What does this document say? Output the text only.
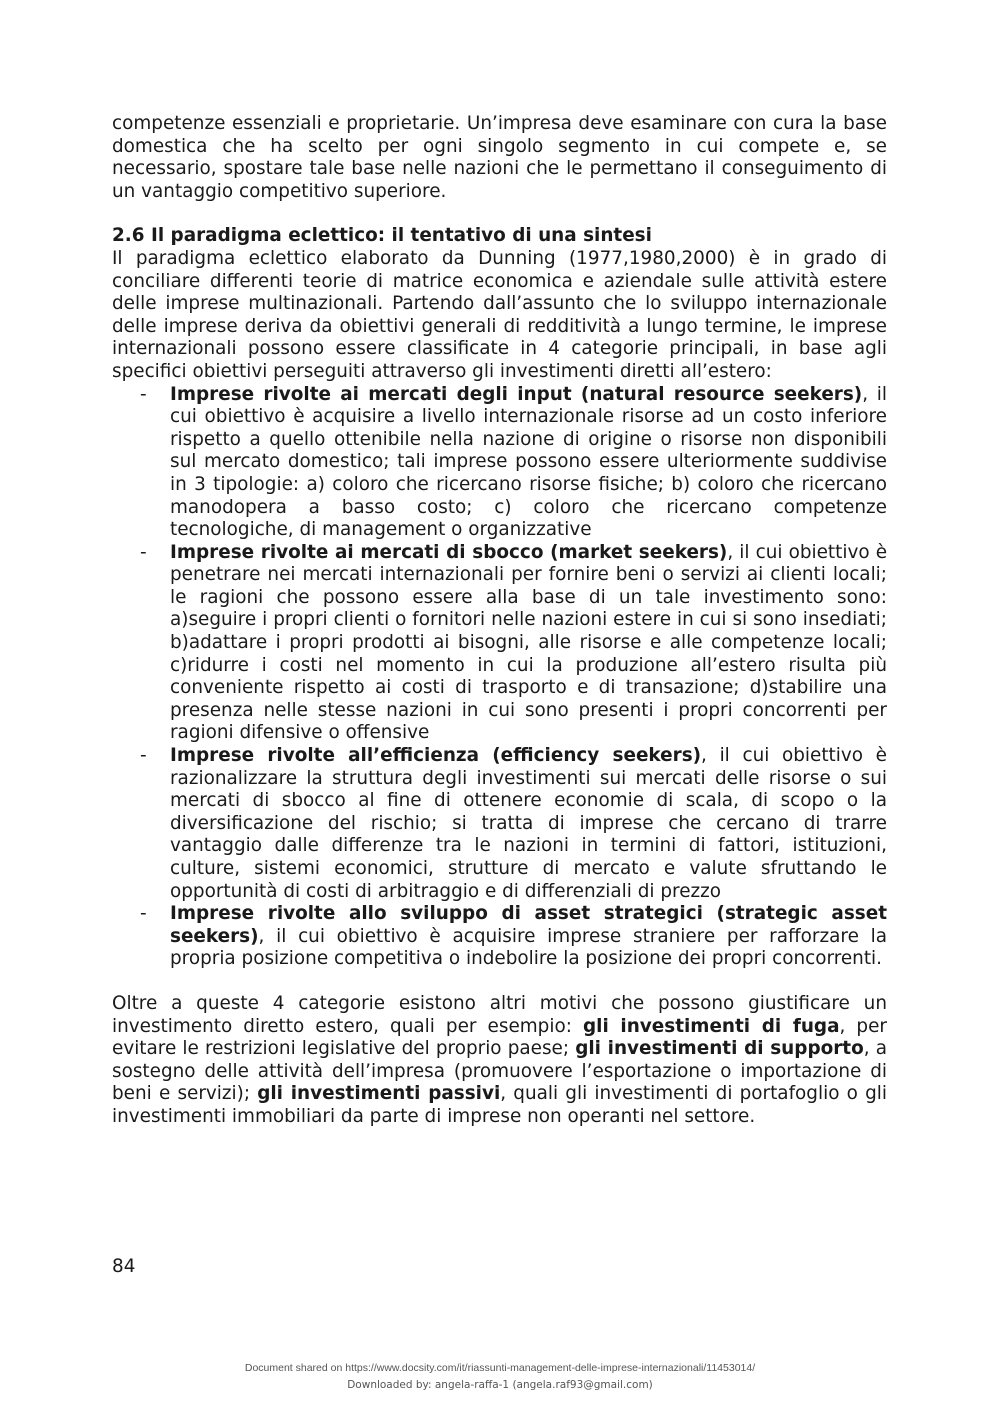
competenze essenziali e proprietarie. Un’impresa deve esaminare con cura la base domestica che ha scelto per ogni singolo segmento in cui compete e, se necessario, spostare tale base nelle nazioni che le permettano il conseguimento di un vantaggio competitivo superiore.

2.6 Il paradigma eclettico: il tentativo di una sintesi

Il paradigma eclettico elaborato da Dunning (1977,1980,2000) è in grado di conciliare differenti teorie di matrice economica e aziendale sulle attività estere delle imprese multinazionali. Partendo dall’assunto che lo sviluppo internazionale delle imprese deriva da obiettivi generali di redditività a lungo termine, le imprese internazionali possono essere classificate in 4 categorie principali, in base agli specifici obiettivi perseguiti attraverso gli investimenti diretti all’estero:

- Imprese rivolte ai mercati degli input (natural resource seekers), il cui obiettivo è acquisire a livello internazionale risorse ad un costo inferiore rispetto a quello ottenibile nella nazione di origine o risorse non disponibili sul mercato domestico; tali imprese possono essere ulteriormente suddivise in 3 tipologie: a) coloro che ricercano risorse fisiche; b) coloro che ricercano manodopera a basso costo; c) coloro che ricercano competenze tecnologiche, di management o organizzative
- Imprese rivolte ai mercati di sbocco (market seekers), il cui obiettivo è penetrare nei mercati internazionali per fornire beni o servizi ai clienti locali; le ragioni che possono essere alla base di un tale investimento sono: a)seguire i propri clienti o fornitori nelle nazioni estere in cui si sono insediati; b)adattare i propri prodotti ai bisogni, alle risorse e alle competenze locali; c)ridurre i costi nel momento in cui la produzione all’estero risulta più conveniente rispetto ai costi di trasporto e di transazione; d)stabilire una presenza nelle stesse nazioni in cui sono presenti i propri concorrenti per ragioni difensive o offensive
- Imprese rivolte all’efficienza (efficiency seekers), il cui obiettivo è razionalizzare la struttura degli investimenti sui mercati delle risorse o sui mercati di sbocco al fine di ottenere economie di scala, di scopo o la diversificazione del rischio; si tratta di imprese che cercano di trarre vantaggio dalle differenze tra le nazioni in termini di fattori, istituzioni, culture, sistemi economici, strutture di mercato e valute sfruttando le opportunità di costi di arbitraggio e di differenziali di prezzo
- Imprese rivolte allo sviluppo di asset strategici (strategic asset seekers), il cui obiettivo è acquisire imprese straniere per rafforzare la propria posizione competitiva o indebolire la posizione dei propri concorrenti.

Oltre a queste 4 categorie esistono altri motivi che possono giustificare un investimento diretto estero, quali per esempio: gli investimenti di fuga, per evitare le restrizioni legislative del proprio paese; gli investimenti di supporto, a sostegno delle attività dell’impresa (promuovere l’esportazione o importazione di beni e servizi); gli investimenti passivi, quali gli investimenti di portafoglio o gli investimenti immobiliari da parte di imprese non operanti nel settore.

84
Document shared on https://www.docsity.com/it/riassunti-management-delle-imprese-internazionali/11453014/
Downloaded by: angela-raffa-1 (angela.raf93@gmail.com)
